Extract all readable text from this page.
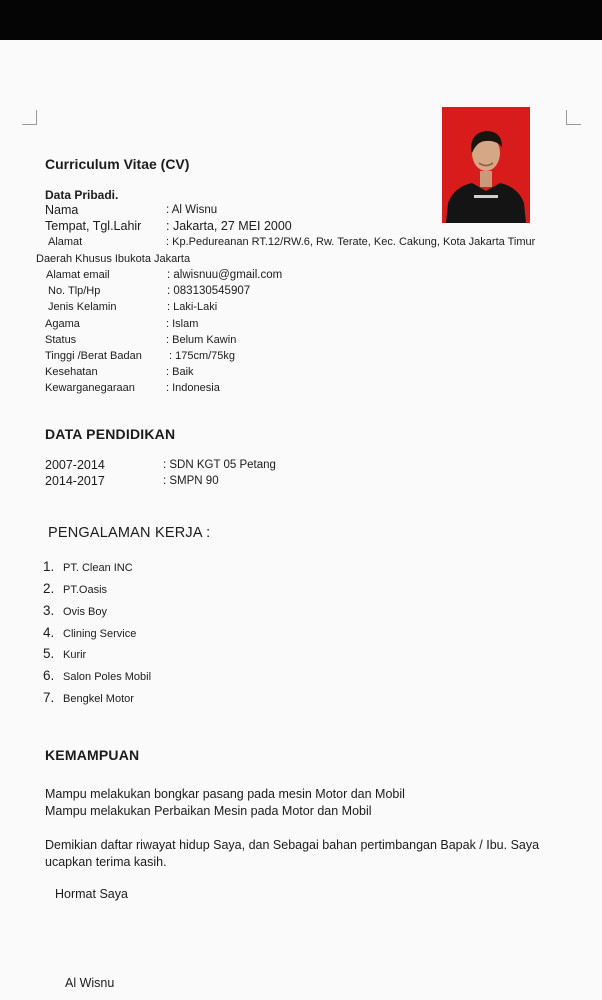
Curriculum Vitae (CV)
Data Pribadi.
Nama	: Al Wisnu
Tempat, Tgl.Lahir : Jakarta, 27 MEI 2000
Alamat	: Kp.Pedureanan RT.12/RW.6, Rw. Terate, Kec. Cakung, Kota Jakarta Timur
Daerah Khusus Ibukota Jakarta
Alamat email	: alwisnuu@gmail.com
No. Tlp/Hp	: 083130545907
Jenis Kelamin	: Laki-Laki
Agama	: Islam
Status	: Belum Kawin
Tinggi /Berat Badan : 175cm/75kg
Kesehatan	: Baik
Kewarganegaraan	: Indonesia
DATA PENDIDIKAN
2007-2014	: SDN KGT 05 Petang
2014-2017	: SMPN 90
PENGALAMAN KERJA :
1. PT. Clean INC
2. PT.Oasis
3. Ovis Boy
4. Clining Service
5. Kurir
6. Salon Poles Mobil
7. Bengkel Motor
KEMAMPUAN
Mampu melakukan bongkar pasang pada mesin Motor dan Mobil
Mampu melakukan Perbaikan Mesin pada Motor dan Mobil
Demikian daftar riwayat hidup Saya, dan Sebagai bahan pertimbangan Bapak / Ibu. Saya
ucapkan terima kasih.
Hormat Saya
Al Wisnu
